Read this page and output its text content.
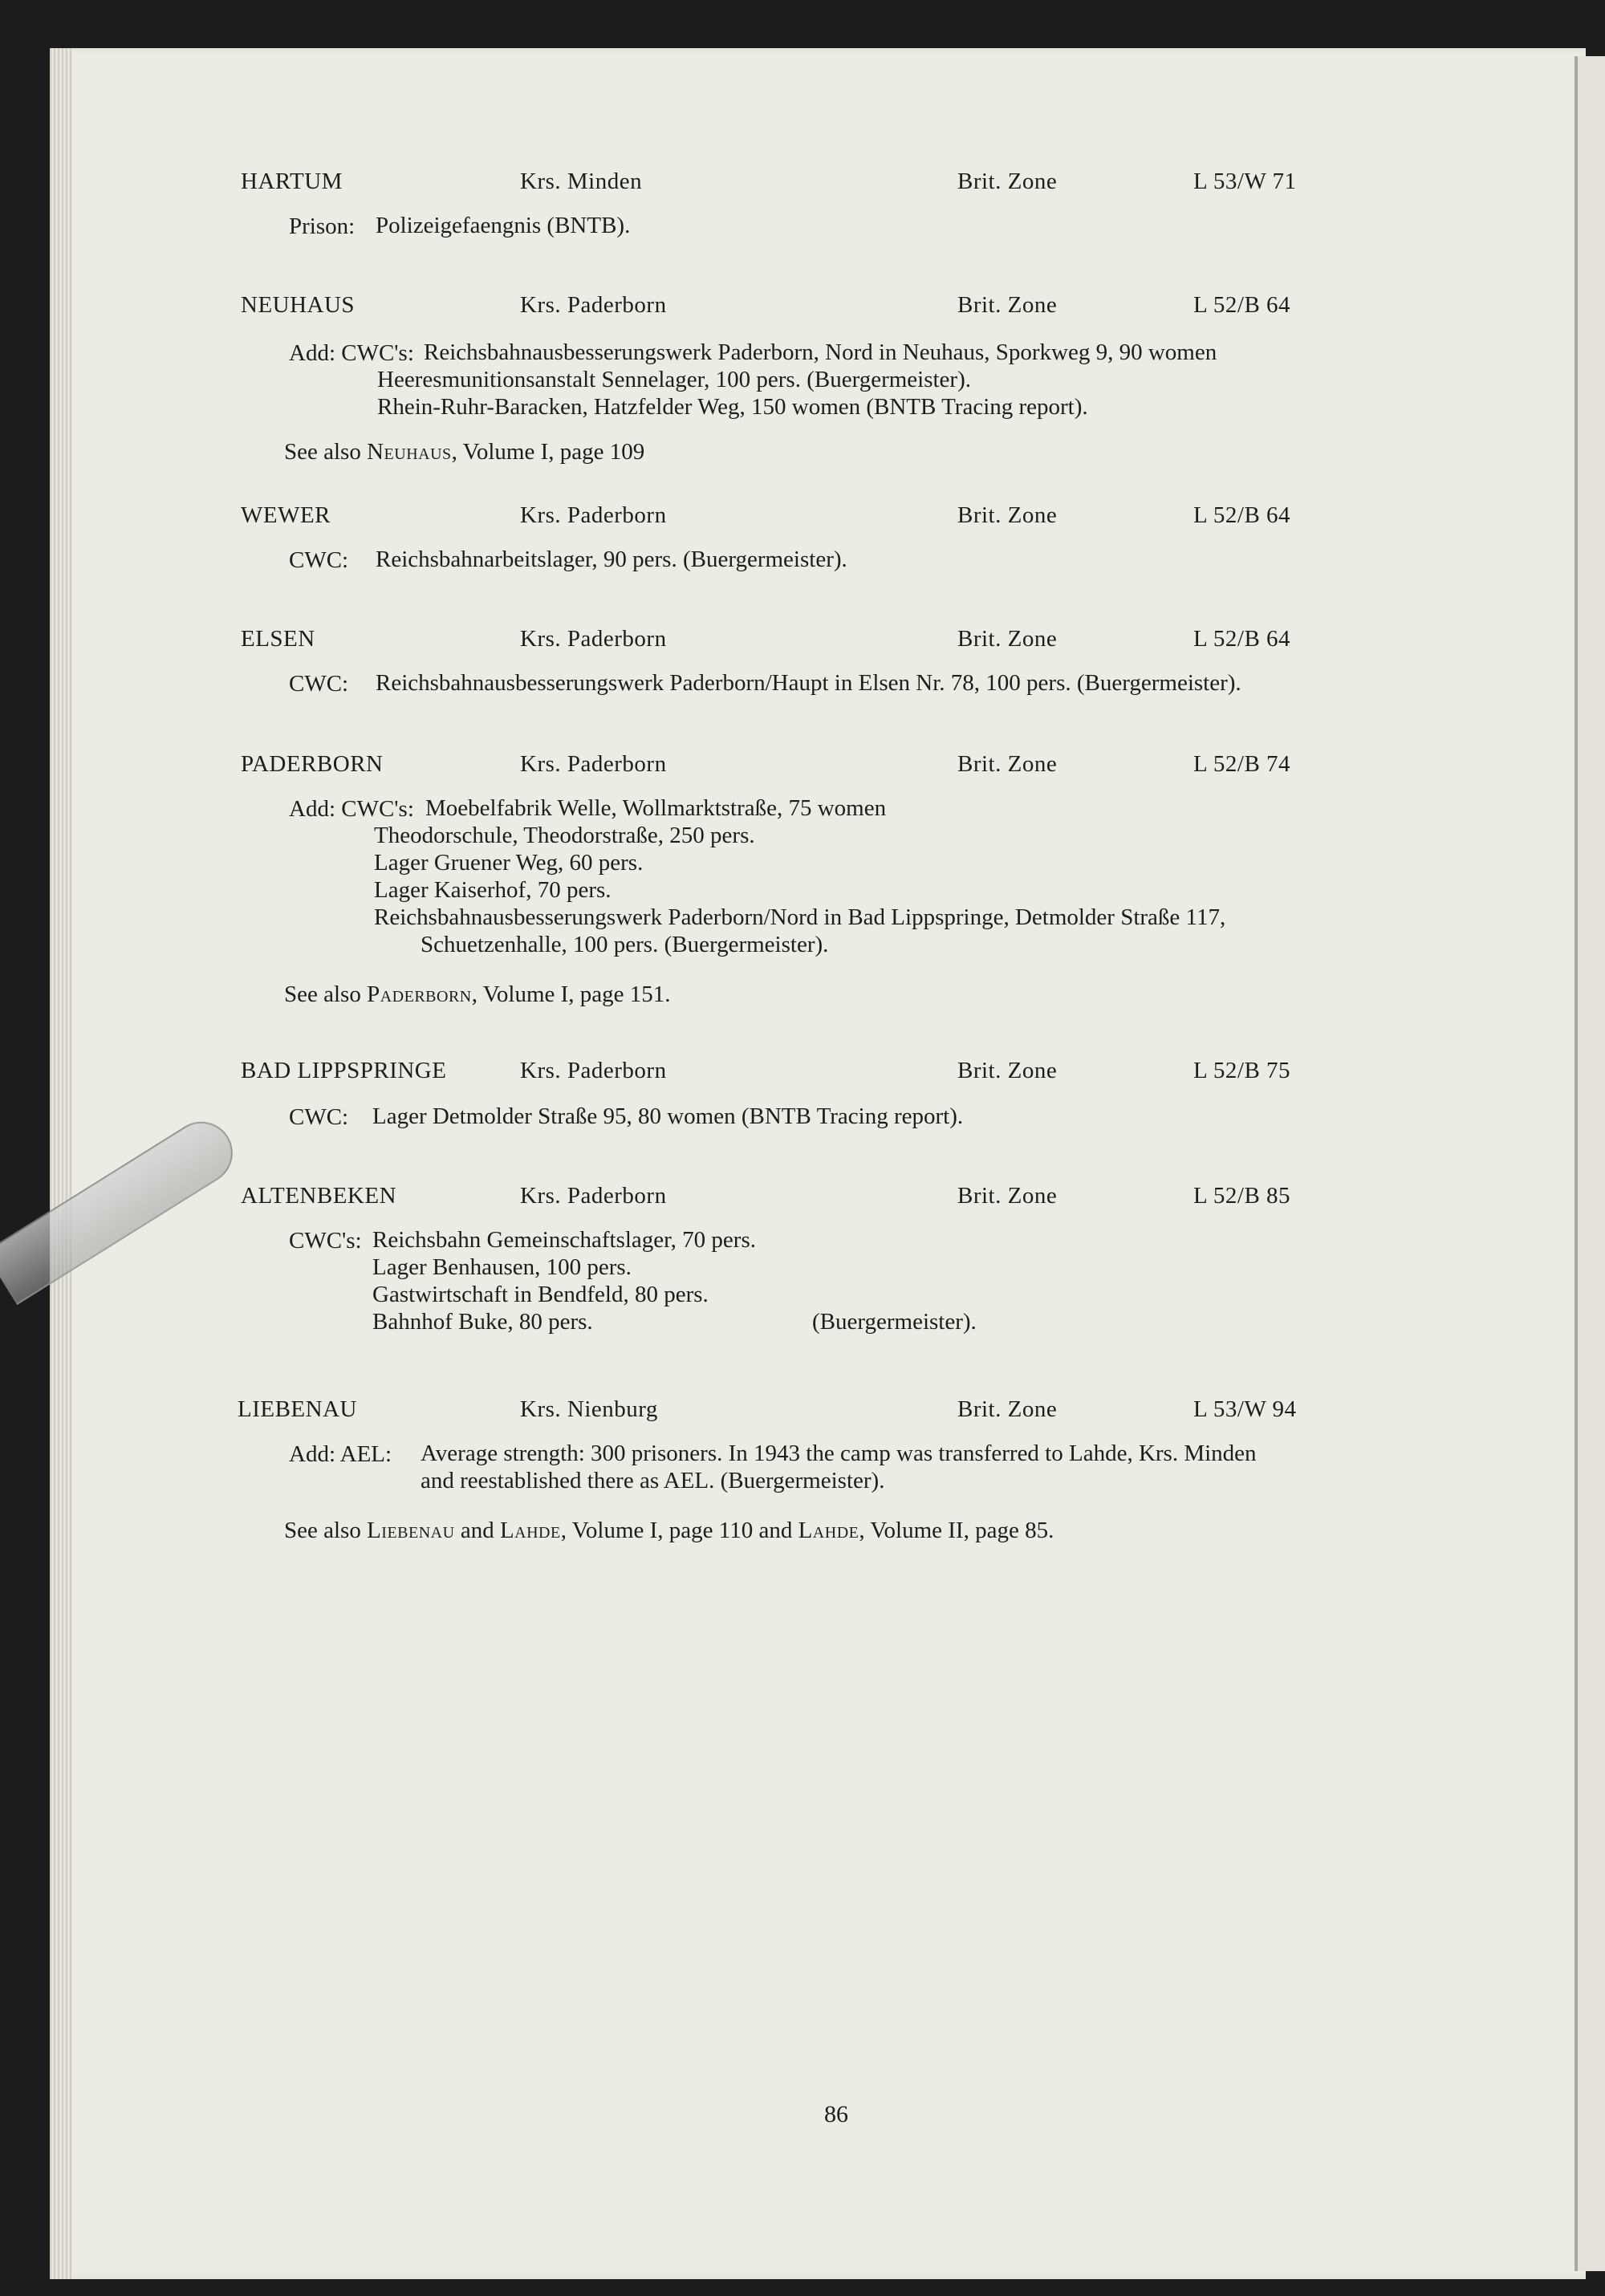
HARTUM	Krs. Minden	Brit. Zone	L 53/W 71
Prison: Polizeigefaengnis (BNTB).
NEUHAUS	Krs. Paderborn	Brit. Zone	L 52/B 64
Add: CWC's: Reichsbahnausbesserungswerk Paderborn, Nord in Neuhaus, Sporkweg 9, 90 women
Heeresmunitionsanstalt Sennelager, 100 pers. (Buergermeister).
Rhein-Ruhr-Baracken, Hatzfelder Weg, 150 women (BNTB Tracing report).
See also Neuhaus, Volume I, page 109
WEWER	Krs. Paderborn	Brit. Zone	L 52/B 64
CWC: Reichsbahnarbeitslager, 90 pers. (Buergermeister).
ELSEN	Krs. Paderborn	Brit. Zone	L 52/B 64
CWC: Reichsbahnausbesserungswerk Paderborn/Haupt in Elsen Nr. 78, 100 pers. (Buergermeister).
PADERBORN	Krs. Paderborn	Brit. Zone	L 52/B 74
Add: CWC's: Moebelfabrik Welle, Wollmarktstraße, 75 women
Theodorschule, Theodorstraße, 250 pers.
Lager Gruener Weg, 60 pers.
Lager Kaiserhof, 70 pers.
Reichsbahnausbesserungswerk Paderborn/Nord in Bad Lippspringe, Detmolder Straße 117,
Schuetzenhalle, 100 pers. (Buergermeister).
See also Paderborn, Volume I, page 151.
BAD LIPPSPRINGE	Krs. Paderborn	Brit. Zone	L 52/B 75
CWC: Lager Detmolder Straße 95, 80 women (BNTB Tracing report).
ALTENBEKEN	Krs. Paderborn	Brit. Zone	L 52/B 85
CWC's: Reichsbahn Gemeinschaftslager, 70 pers.
Lager Benhausen, 100 pers.
Gastwirtschaft in Bendfeld, 80 pers.
Bahnhof Buke, 80 pers.	(Buergermeister).
LIEBENAU	Krs. Nienburg	Brit. Zone	L 53/W 94
Add: AEL: Average strength: 300 prisoners. In 1943 the camp was transferred to Lahde, Krs. Minden
and reestablished there as AEL. (Buergermeister).
See also Liebenau and Lahde, Volume I, page 110 and Lahde, Volume II, page 85.
86
